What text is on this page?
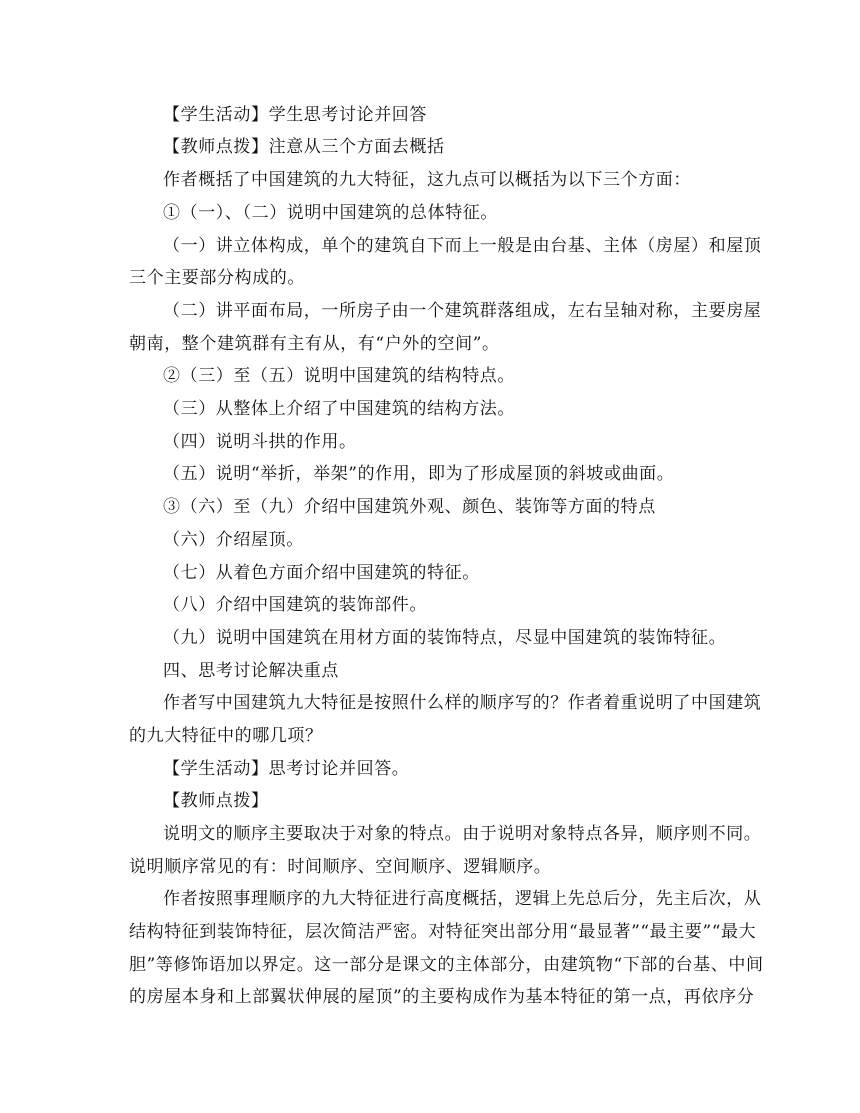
【学生活动】学生思考讨论并回答
【教师点拨】注意从三个方面去概括
作者概括了中国建筑的九大特征，这九点可以概括为以下三个方面：
①（一）、（二）说明中国建筑的总体特征。
（一）讲立体构成，单个的建筑自下而上一般是由台基、主体（房屋）和屋顶
三个主要部分构成的。
（二）讲平面布局，一所房子由一个建筑群落组成，左右呈轴对称，主要房屋
朝南，整个建筑群有主有从，有“户外的空间”。
②（三）至（五）说明中国建筑的结构特点。
（三）从整体上介绍了中国建筑的结构方法。
（四）说明斗拱的作用。
（五）说明“举折，举架”的作用，即为了形成屋顶的斜坡或曲面。
③（六）至（九）介绍中国建筑外观、颜色、装饰等方面的特点
（六）介绍屋顶。
（七）从着色方面介绍中国建筑的特征。
（八）介绍中国建筑的装饰部件。
（九）说明中国建筑在用材方面的装饰特点，尽显中国建筑的装饰特征。
四、思考讨论解决重点
作者写中国建筑九大特征是按照什么样的顺序写的？作者着重说明了中国建筑
的九大特征中的哪几项？
【学生活动】思考讨论并回答。
【教师点拨】
说明文的顺序主要取决于对象的特点。由于说明对象特点各异，顺序则不同。
说明顺序常见的有：时间顺序、空间顺序、逻辑顺序。
作者按照事理顺序的九大特征进行高度概括，逻辑上先总后分，先主后次，从
结构特征到装饰特征，层次简洁严密。对特征突出部分用“最显著”“最主要”“最大
胆”等修饰语加以界定。这一部分是课文的主体部分，由建筑物“下部的台基、中间
的房屋本身和上部翼状伸展的屋顶”的主要构成作为基本特征的第一点，再依序分
